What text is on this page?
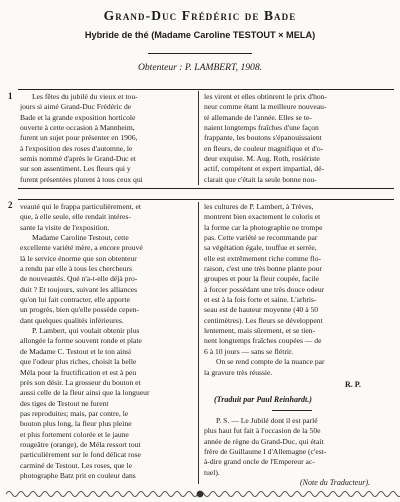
Grand-Duc Frédéric de Bade
Hybride de thé (Madame Caroline TESTOUT × MELA)
Obtenteur : P. LAMBERT, 1908.
1	Les fêtes du jubilé du vieux et tou-
jours si aimé Grand-Duc Frédéric de
Bade et la grande exposition horticole
ouverte à cette occasion à Mannheim,
furent un sujet pour présenter en 1906,
à l'exposition des roses d'automne, le
semis nommé d'après le Grand-Duc et
sur son assentiment. Les fleurs qui y
furent présentées plurent à tous ceux qui
les virent et elles obtinrent le prix d'hon-
neur comme étant la meilleure nouveau-
té allemande de l'année. Elles se te-
naient longtemps fraîches d'une façon
frappante, les boutons s'épanouissaient
en fleurs, de couleur magnifique et d'o-
deur exquise. M. Aug. Roth, rosiériste
actif, compétent et expert impartial, dé-
clarait que c'était la seule bonne nou-
2 veauté qui le frappa particulièrement, et
que, à elle seule, elle rendait intéres-
sante la visite de l'exposition.
Madame Caroline Testout, cette
excellente variété mère, a encore prouvé
là le service énorme que son obtenteur
a rendu par elle à tous les chercheurs
de nouveautés. Qué n'a-t-elle déjà pro-
duit ? Et toujours, suivant les alliances
qu'on lui fait contracter, elle apporte
un progrès, bien qu'elle possède cepen-
dant quelques qualités inférieures.
P. Lambert, qui voulait obtenir plus
allongée la forme souvent ronde et plate
de Madame C. Testout et le ton ainsi
que l'odeur plus riches, choisit la belle
Méla pour la fructification et est à peu
près son désir. La grosseur du bouton et
aussi celle de la fleur ainsi que la longueur
des tiges de Testout ne furent
pas reproduites; mais, par contre, le
bouton plus long, la fleur plus pleine
et plus fortement colorée et le jaune
rougeâtre (orange), de Méla ressort tout
particulièrement sur le fond délicat rose
carminé de Testout. Les roses, que le
photographe Batz prit en couleur dans
les cultures de P. Lambert, à Trèves,
montrent bien exactement le coloris et
la forme car la photographie ne trompe
pas. Cette variété se recommande par
sa végétation égale, touffue et serrée,
elle est extrêmement riche comme flo-
raison, c'est une très bonne plante pour
groupes et pour la fleur coupée, facile
à forcer possédant une très douce odeur
et est à la fois forte et saine. L'arbris-
seau est de hauteur moyenne (40 à 50
centimètres). Les fleurs se développent
lentement, mais sûrement, et se tien-
nent longtemps fraîches coupées — de
6 à 10 jours — sans se flétrir.
On se rend compte de la nuance par
la gravure très réussie.
R. P.
(Traduit par Paul Reinhardt.)
P. S. — Le Jubilé dont il est parlé
plus haut fut fait à l'occasion de la 50e
année de règne du Grand-Duc, qui était
frère de Guillaume I d'Allemagne (c'est-
à-dire grand oncle de l'Empereur ac-
tuel).
(Note du Traducteur).
